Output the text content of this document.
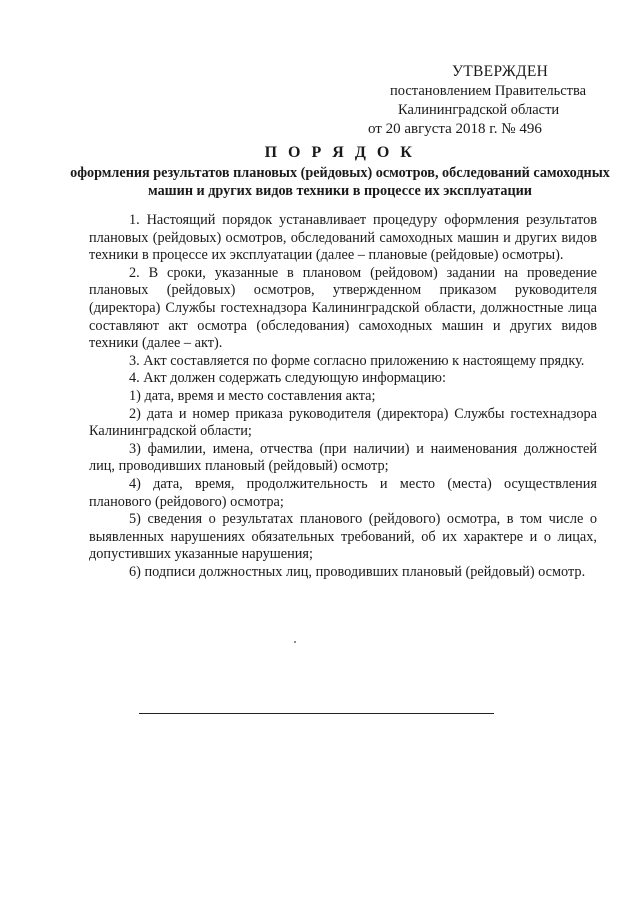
УТВЕРЖДЕН
постановлением Правительства
Калининградской области
от 20 августа 2018 г. № 496
П О Р Я Д О К
оформления результатов плановых (рейдовых) осмотров, обследований самоходных машин и других видов техники в процессе их эксплуатации

1. Настоящий порядок устанавливает процедуру оформления результатов плановых (рейдовых) осмотров, обследований самоходных машин и других видов техники в процессе их эксплуатации (далее – плановые (рейдовые) осмотры).

2. В сроки, указанные в плановом (рейдовом) задании на проведение плановых (рейдовых) осмотров, утвержденном приказом руководителя (директора) Службы гостехнадзора Калининградской области, должностные лица составляют акт осмотра (обследования) самоходных машин и других видов техники (далее – акт).

3. Акт составляется по форме согласно приложению к настоящему прядку.

4. Акт должен содержать следующую информацию:

1) дата, время и место составления акта;

2) дата и номер приказа руководителя (директора) Службы гостехнадзора Калининградской области;

3) фамилии, имена, отчества (при наличии) и наименования должностей лиц, проводивших плановый (рейдовый) осмотр;

4) дата, время, продолжительность и место (места) осуществления планового (рейдового) осмотра;

5) сведения о результатах планового (рейдового) осмотра, в том числе о выявленных нарушениях обязательных требований, об их характере и о лицах, допустивших указанные нарушения;

6) подписи должностных лиц, проводивших плановый (рейдовый) осмотр.
